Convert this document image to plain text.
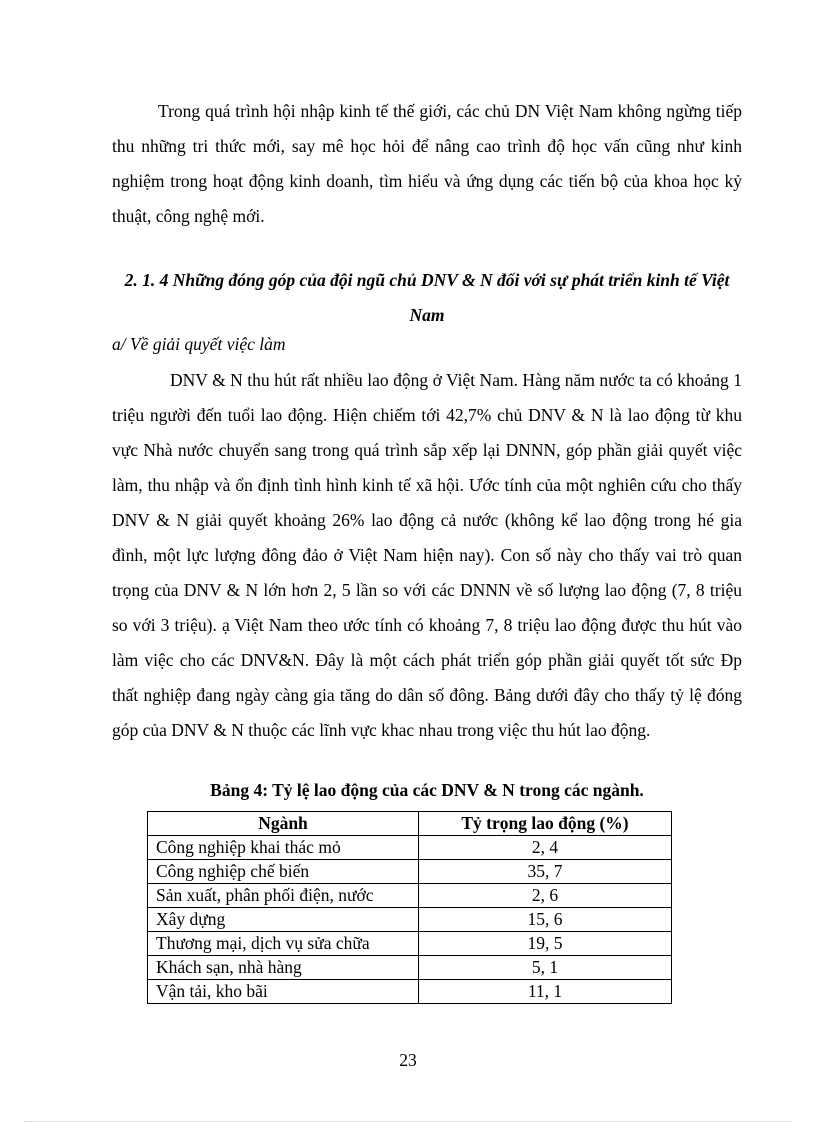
Trong quá trình hội nhập kinh tế thế giới, các chủ DN Việt Nam không ngừng tiếp thu những tri thức mới, say mê học hỏi để nâng cao trình độ học vấn cũng như kinh nghiệm trong hoạt động kinh doanh, tìm hiểu và ứng dụng các tiến bộ của khoa học kỷ thuật, công nghệ mới.

2. 1. 4 Những đóng góp của đội ngũ chủ DNV & N đối với sự phát triển kinh tế Việt Nam

a/ Về giải quyết việc làm

DNV & N thu hút rất nhiều lao động ở Việt Nam. Hàng năm nước ta có khoảng 1 triệu người đến tuổi lao động. Hiện chiếm tới 42,7% chủ DNV & N là lao động từ khu vực Nhà nước chuyển sang trong quá trình sắp xếp lại DNNN, góp phần giải quyết việc làm, thu nhập và ổn định tình hình kinh tế xã hội. Ước tính của một nghiên cứu cho thấy DNV & N giải quyết khoảng 26% lao động cả nước (không kể lao động trong hé gia đình, một lực lượng đông đảo ở Việt Nam hiện nay). Con số này cho thấy vai trò quan trọng của DNV & N lớn hơn 2, 5 lần so với các DNNN về số lượng lao động (7, 8 triệu so với 3 triệu). ạ Việt Nam theo ước tính có khoảng 7, 8 triệu lao động được thu hút vào làm việc cho các DNV&N. Đây là một cách phát triển góp phần giải quyết tốt sức Đp thất nghiệp đang ngày càng gia tăng do dân số đông. Bảng dưới đây cho thấy tỷ lệ đóng góp của DNV & N thuộc các lĩnh vực khac nhau trong việc thu hút lao động.

Bảng 4: Tỷ lệ lao động của các DNV & N trong các ngành.

Ngành	Tỷ trọng lao động (%)
Công nghiệp khai thác mỏ	2, 4
Công nghiệp chế biến	35, 7
Sản xuất, phân phối điện, nước	2, 6
Xây dựng	15, 6
Thương mại, dịch vụ sửa chữa	19, 5
Khách sạn, nhà hàng	5, 1
Vận tải, kho bãi	11, 1

23
